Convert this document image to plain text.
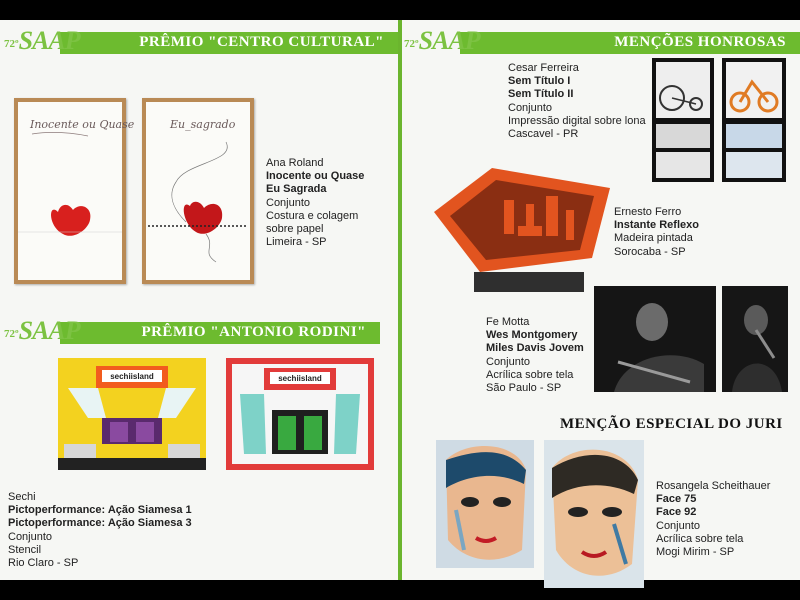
PRÊMIO "CENTRO CULTURAL"
72ºSAAP
Inocente ou Quase	Eu_sagrado
Ana Roland
Inocente ou Quase
Eu Sagrada
Conjunto
Costura e colagem
sobre papel
Limeira - SP
PRÊMIO "ANTONIO RODINI"
72ºSAAP
sechiisland	sechiisland
Sechi
Pictoperformance: Ação Siamesa 1
Pictoperformance: Ação Siamesa 3
Conjunto
Stencil
Rio Claro - SP
MENÇÕES HONROSAS
72ºSAAP
Cesar Ferreira
Sem Título I
Sem Título II
Conjunto
Impressão digital sobre lona
Cascavel - PR
Ernesto Ferro
Instante Reflexo
Madeira pintada
Sorocaba - SP
Fe Motta
Wes Montgomery
Miles Davis Jovem
Conjunto
Acrílica sobre tela
São Paulo - SP
MENÇÃO ESPECIAL DO JURI
Rosangela Scheithauer
Face 75
Face 92
Conjunto
Acrílica sobre tela
Mogi Mirim - SP
